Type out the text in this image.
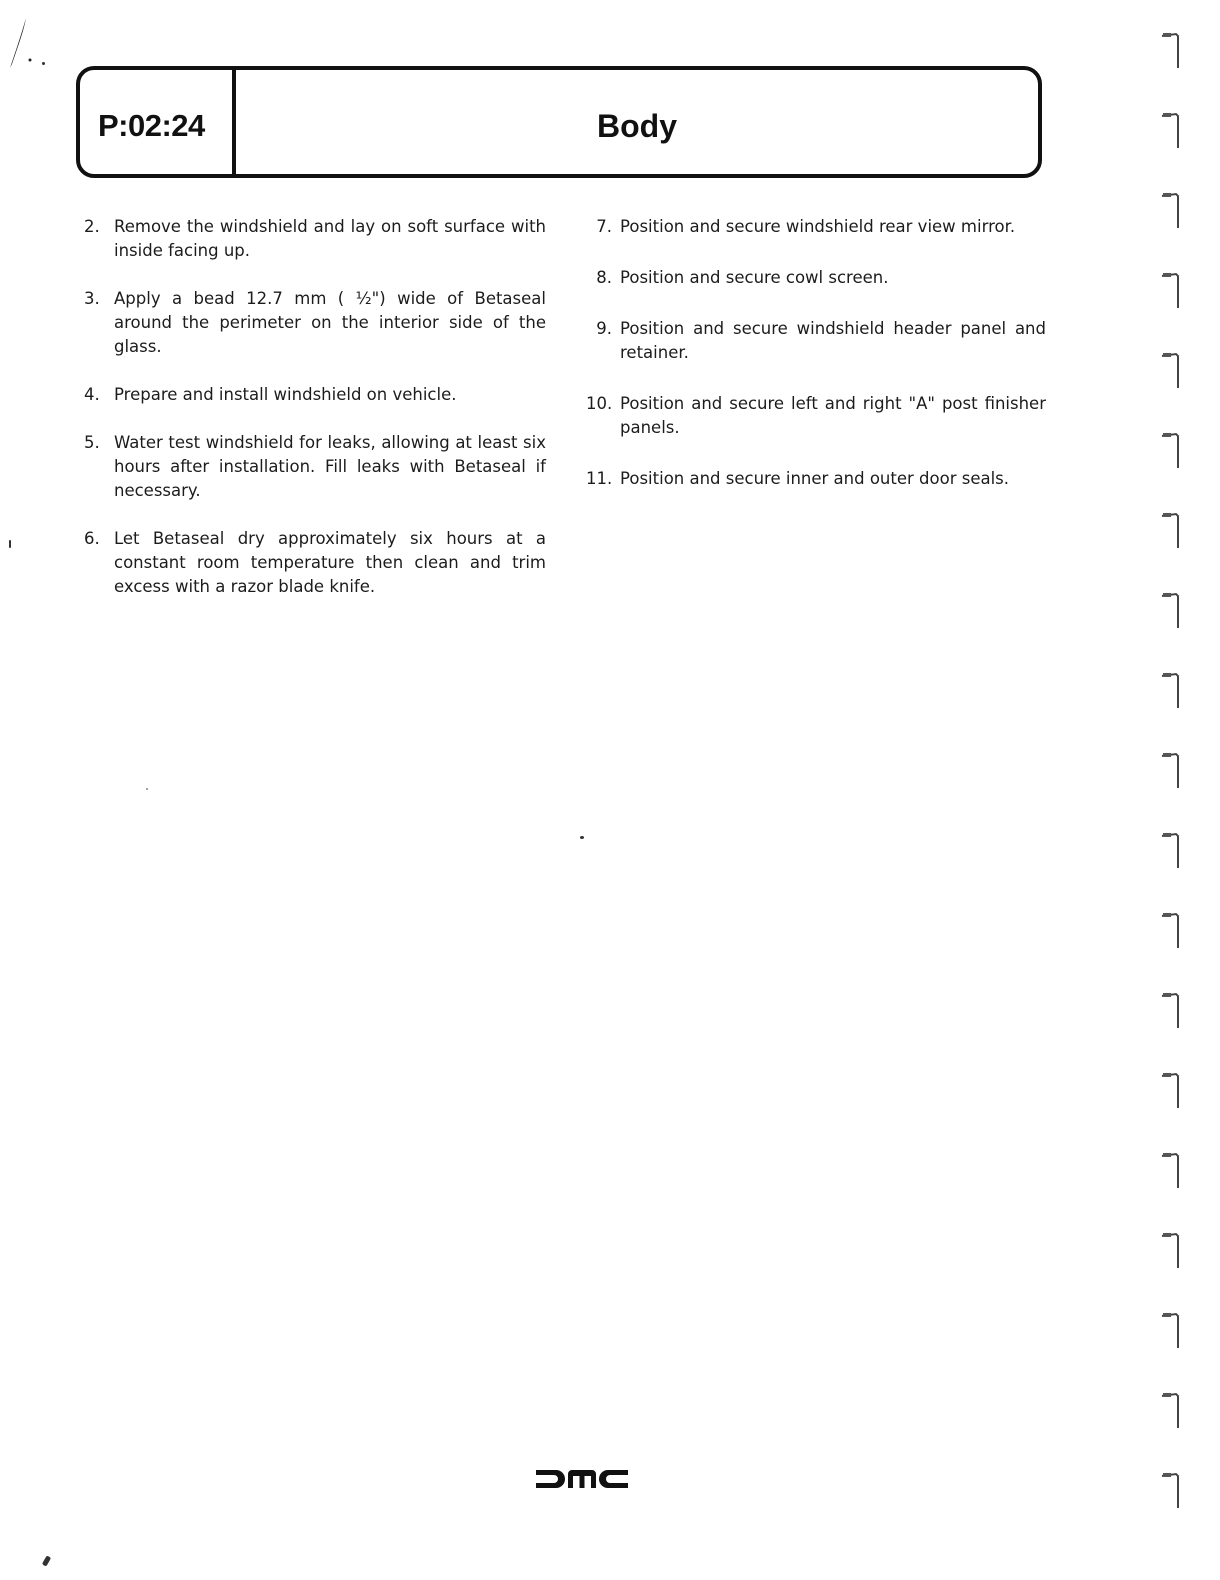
P:02:24	Body
2. Remove the windshield and lay on soft surface with inside facing up.
3. Apply a bead 12.7 mm ( ½") wide of Betaseal around the perimeter on the interior side of the glass.
4. Prepare and install windshield on vehicle.
5. Water test windshield for leaks, allowing at least six hours after installation. Fill leaks with Betaseal if necessary.
6. Let Betaseal dry approximately six hours at a constant room temperature then clean and trim excess with a razor blade knife.
7. Position and secure windshield rear view mirror.
8. Position and secure cowl screen.
9. Position and secure windshield header panel and retainer.
10. Position and secure left and right "A" post finisher panels.
11. Position and secure inner and outer door seals.
